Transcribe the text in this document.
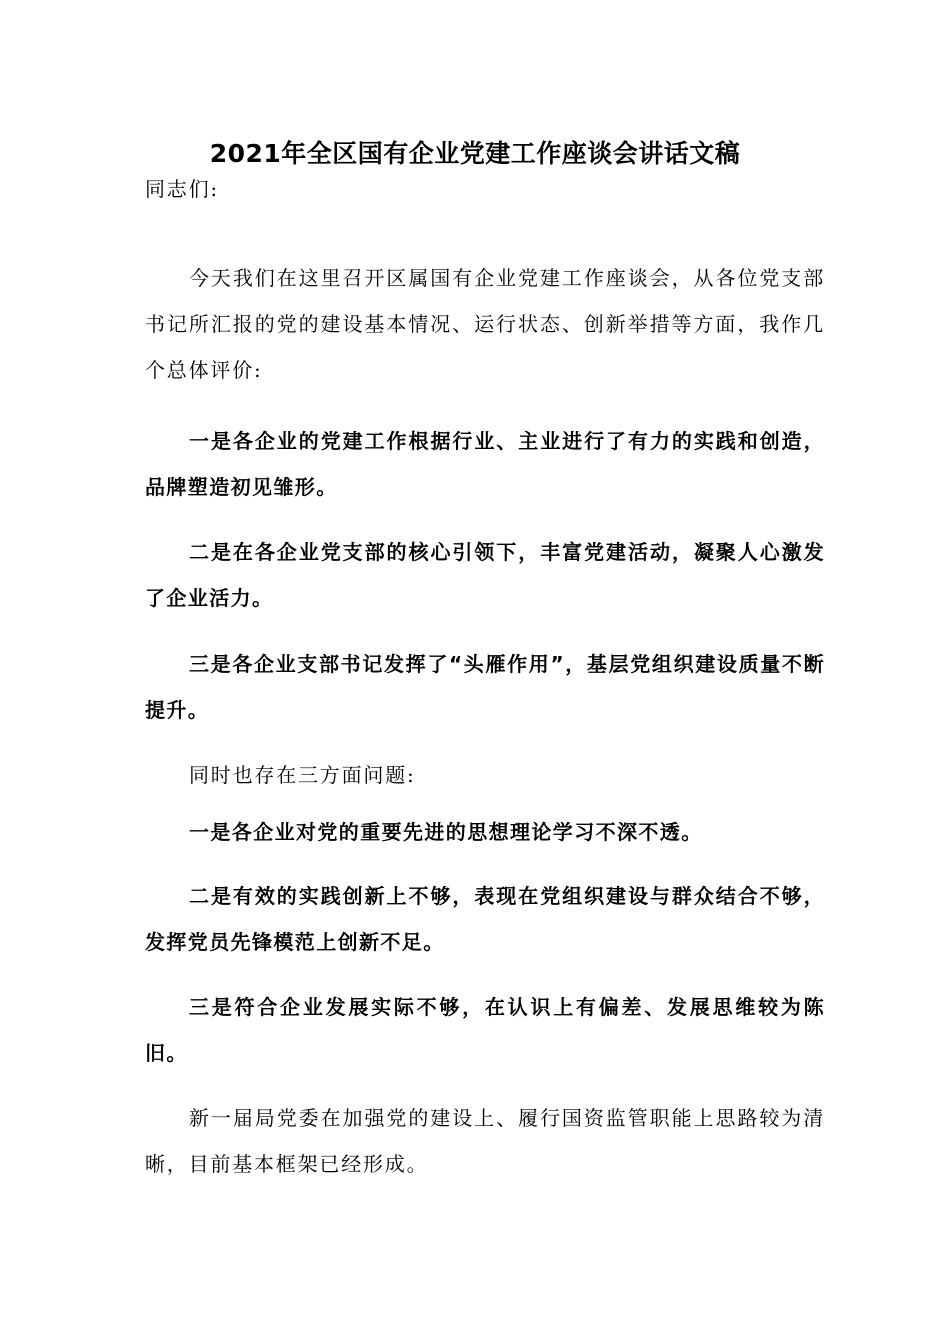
2021年全区国有企业党建工作座谈会讲话文稿

同志们:

今天我们在这里召开区属国有企业党建工作座谈会，从各位党支部书记所汇报的党的建设基本情况、运行状态、创新举措等方面，我作几个总体评价:

一是各企业的党建工作根据行业、主业进行了有力的实践和创造，品牌塑造初见雏形。

二是在各企业党支部的核心引领下，丰富党建活动，凝聚人心激发了企业活力。

三是各企业支部书记发挥了“头雁作用”，基层党组织建设质量不断提升。

同时也存在三方面问题:

一是各企业对党的重要先进的思想理论学习不深不透。

二是有效的实践创新上不够，表现在党组织建设与群众结合不够，发挥党员先锋模范上创新不足。

三是符合企业发展实际不够，在认识上有偏差、发展思维较为陈旧。

新一届局党委在加强党的建设上、履行国资监管职能上思路较为清晰，目前基本框架已经形成。
